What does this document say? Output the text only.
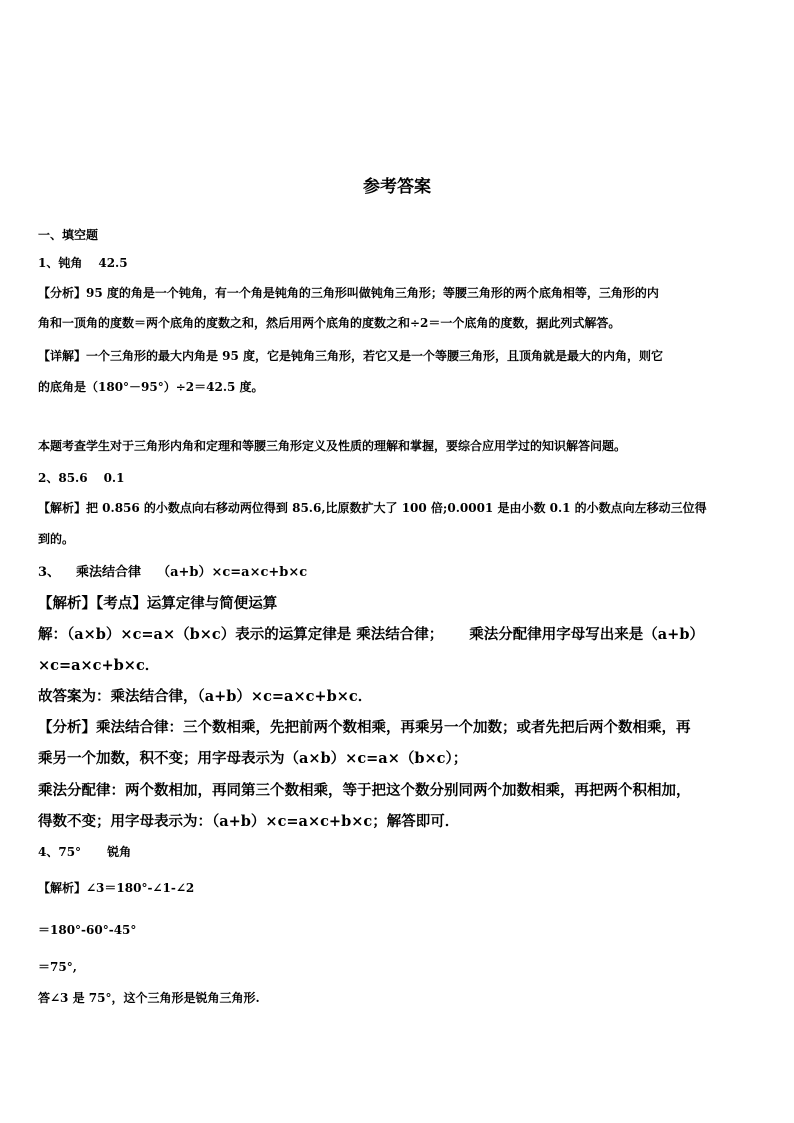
参考答案
一、填空题
1、钝角 42.5
【分析】95 度的角是一个钝角，有一个角是钝角的三角形叫做钝角三角形；等腰三角形的两个底角相等，三角形的内
角和一顶角的度数＝两个底角的度数之和，然后用两个底角的度数之和÷2＝一个底角的度数，据此列式解答。
【详解】一个三角形的最大内角是 95 度，它是钝角三角形，若它又是一个等腰三角形，且顶角就是最大的内角，则它
的底角是（180°－95°）÷2＝42.5 度。
本题考查学生对于三角形内角和定理和等腰三角形定义及性质的理解和掌握，要综合应用学过的知识解答问题。
2、85.6 0.1
【解析】把 0.856 的小数点向右移动两位得到 85.6,比原数扩大了 100 倍;0.0001 是由小数 0.1 的小数点向左移动三位得
到的。
3、 乘法结合律 （a+b）×c=a×c+b×c
【解析】【考点】运算定律与简便运算
解：（a×b）×c=a×（b×c）表示的运算定律是 乘法结合律； 乘法分配律用字母写出来是（a+b）
×c=a×c+b×c．
故答案为：乘法结合律，（a+b）×c=a×c+b×c．
【分析】乘法结合律：三个数相乘，先把前两个数相乘，再乘另一个加数；或者先把后两个数相乘，再
乘另一个加数，积不变；用字母表示为（a×b）×c=a×（b×c）；
乘法分配律：两个数相加，再同第三个数相乘，等于把这个数分别同两个加数相乘，再把两个积相加，
得数不变；用字母表示为：（a+b）×c=a×c+b×c；解答即可．
4、75° 锐角
【解析】∠3＝180°-∠1-∠2
＝180°-60°-45°
＝75°,
答∠3 是 75°，这个三角形是锐角三角形.
